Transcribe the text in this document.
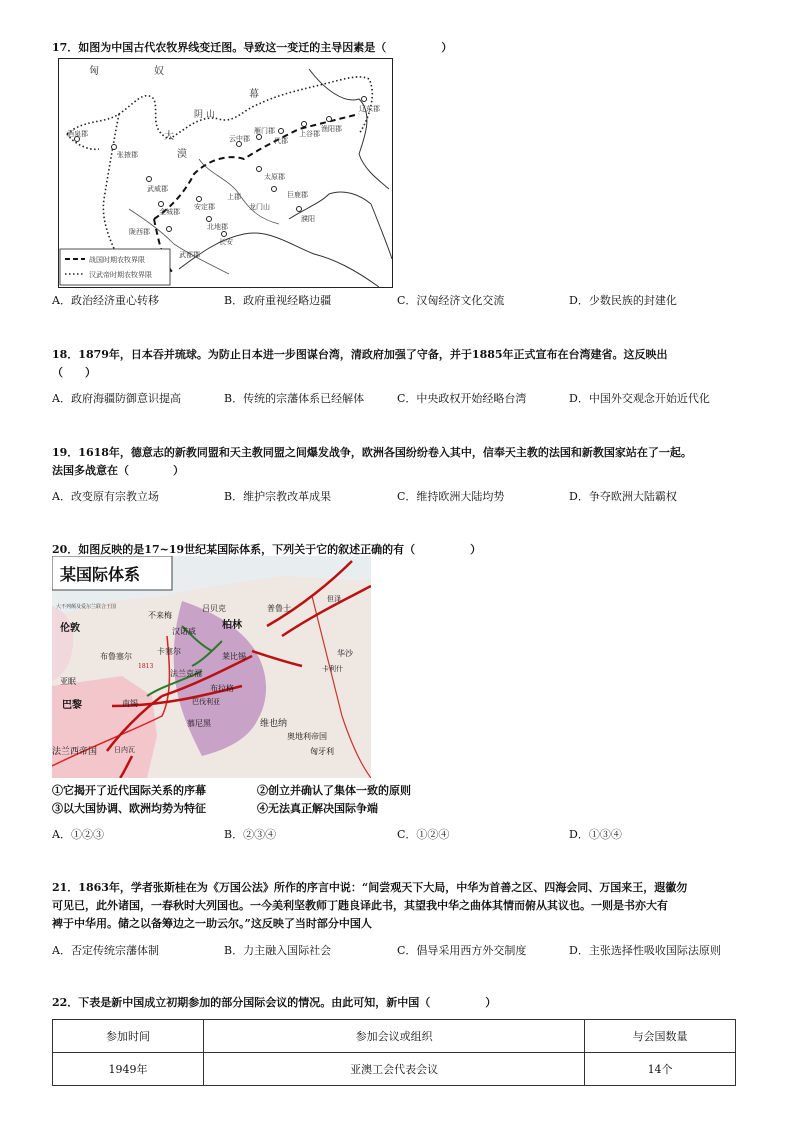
17．如图为中国古代农牧界线变迁图。导致这一变迁的主导因素是（　　　　　）
战国时期农牧界限
汉武帝时期农牧界限
匈	奴
幕
阴 山
大
漠
酒泉郡
张掖郡
武威郡
金城郡
陇西郡
安定郡
北地郡
上郡
长安
云中郡
雁门郡
代郡
太原郡
上谷郡
渔阳郡
巨鹿郡
濮阳
辽东郡
龙门山
武都郡
A．政治经济重心转移	B．政府重视经略边疆	C．汉匈经济文化交流	D．少数民族的封建化
18．1879年，日本吞并琉球。为防止日本进一步图谋台湾，清政府加强了守备，并于1885年正式宣布在台湾建省。这反映出
（　　）
A．政府海疆防御意识提高	B．传统的宗藩体系已经解体	C．中央政权开始经略台湾	D．中国外交观念开始近代化
19．1618年，德意志的新教同盟和天主教同盟之间爆发战争，欧洲各国纷纷卷入其中，信奉天主教的法国和新教国家站在了一起。
法国多战意在（　　　　）
A．改变原有宗教立场	B．维护宗教改革成果	C．维持欧洲大陆均势	D．争夺欧洲大陆霸权
20．如图反映的是17~19世纪某国际体系，下列关于它的叙述正确的有（　　　　　）
某国际体系
伦敦
大不列颠及爱尔兰联合王国
不来梅
汉诺威
布鲁塞尔
亚眠
巴黎	南锡
卡塞尔
吕贝克
柏林
普鲁士
莱比锡
布拉格
维也纳
巴伐利亚
慕尼黑
法兰克福
法兰西帝国	匈牙利
奥地利帝国
日内瓦
华沙
卡利什
但泽
1813
①它揭开了近代国际关系的序幕	②创立并确认了集体一致的原则
③以大国协调、欧洲均势为特征	④无法真正解决国际争端
A．①②③	B．②③④	C．①②④	D．①③④
21．1863年，学者张斯桂在为《万国公法》所作的序言中说：“间尝观天下大局，中华为首善之区、四海会同、万国来王，遐徽勿
可见已，此外诸国，一春秋时大列国也。一今美利坚教师丁韪良译此书，其望我中华之曲体其情而俯从其议也。一则是书亦大有
裨于中华用。储之以备筹边之一助云尔。”这反映了当时部分中国人
A．否定传统宗藩体制	B．力主融入国际社会	C．倡导采用西方外交制度	D．主张选择性吸收国际法原则
22．下表是新中国成立初期参加的部分国际会议的情况。由此可知，新中国（　　　　　）
参加时间	参加会议或组织	与会国数量
1949年	亚澳工会代表会议	14个
